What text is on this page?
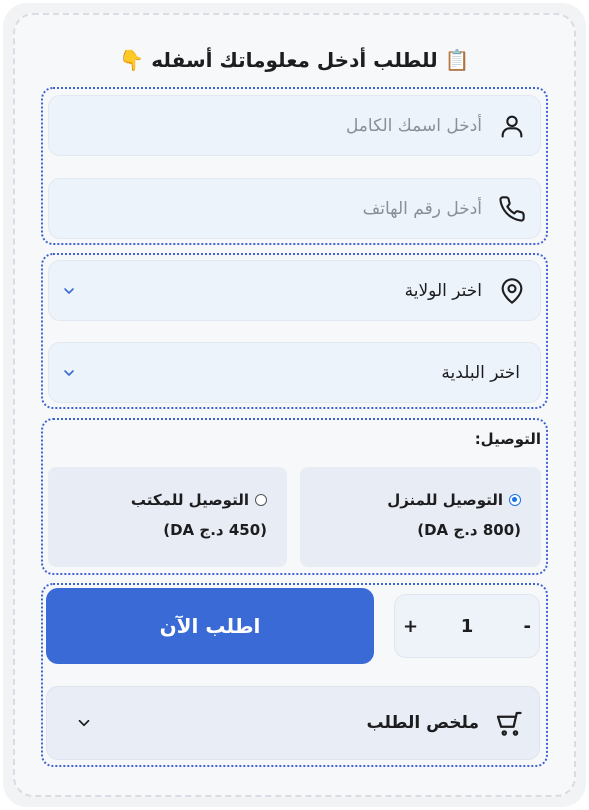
📋 للطلب أدخل معلوماتك أسفله 👇
أدخل اسمك الكامل
أدخل رقم الهاتف
اختر الولاية
اختر البلدية
التوصيل:
التوصيل للمنزل
(800 د.ج DA)
التوصيل للمكتب
(450 د.ج DA)
اطلب الآن	+	1	-
ملخص الطلب
